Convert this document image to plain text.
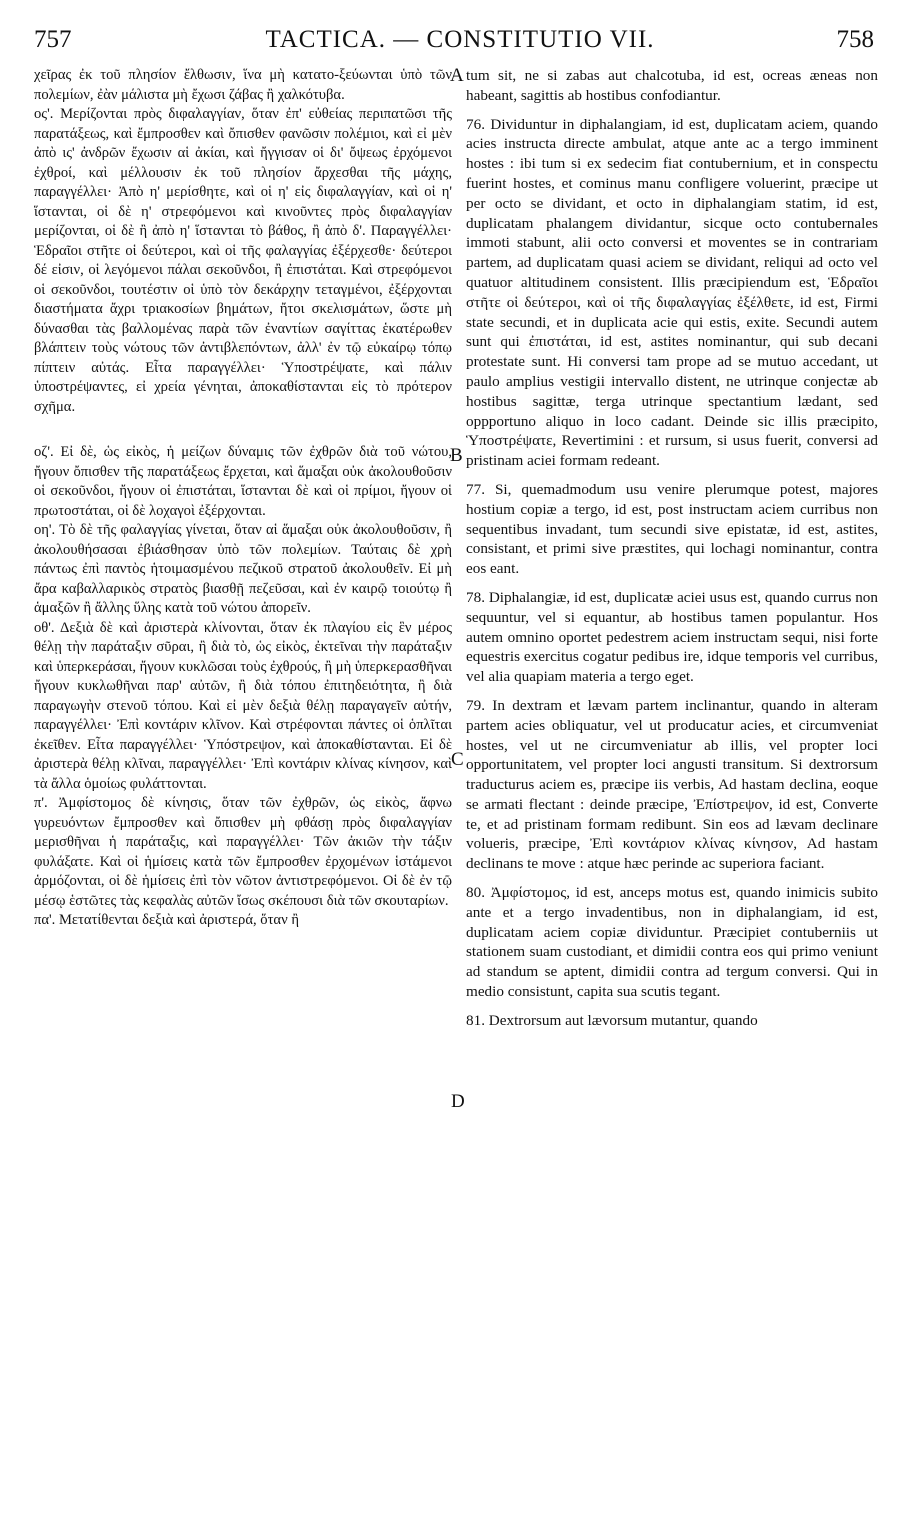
757	TACTICA. — CONSTITUTIO VII.	758

χεῖρας ἐκ τοῦ πλησίον ἔλθωσιν, ἵνα μὴ κατατο-ξεύωνται ὑπὸ τῶν πολεμίων, ἐὰν μάλιστα μὴ ἔχωσι ζάβας ἢ χαλκότυβα.

ος'. Μερίζονται πρὸς διφαλαγγίαν, ὅταν ἐπ' εὐθείας περιπατῶσι τῆς παρατάξεως, καὶ ἔμπροσθεν καὶ ὄπισθεν φανῶσιν πολέμιοι, καὶ εἰ μὲν ἀπὸ ις' ἀνδρῶν ἔχωσιν αἱ ἀκίαι, καὶ ἤγγισαν οἱ δι' ὄψεως ἐρχόμενοι ἐχθροί, καὶ μέλλουσιν ἐκ τοῦ πλησίον ἄρχεσθαι τῆς μάχης, παραγγέλλει· Ἀπὸ η' μερίσθητε, καὶ οἱ η' εἰς διφαλαγγίαν, καὶ οἱ η' ἵστανται, οἱ δὲ η' στρεφόμενοι καὶ κινοῦντες πρὸς διφαλαγγίαν μερίζονται, οἱ δὲ ἢ ἀπὸ η' ἵστανται τὸ βάθος, ἢ ἀπὸ δ'. Παραγγέλλει· Ἑδραῖοι στῆτε οἱ δεύτεροι, καὶ οἱ τῆς φαλαγγίας ἐξέρχεσθε· δεύτεροι δέ εἰσιν, οἱ λεγόμενοι πάλαι σεκοῦνδοι, ἢ ἐπιστάται. Καὶ στρεφόμενοι οἱ σεκοῦνδοι, τουτέστιν οἱ ὑπὸ τὸν δεκάρχην τεταγμένοι, ἐξέρχονται διαστήματα ἄχρι τριακοσίων βημάτων, ἤτοι σκελισμάτων, ὥστε μὴ δύνασθαι τὰς βαλλομένας παρὰ τῶν ἐναντίων σαγίττας ἑκατέρωθεν βλάπτειν τοὺς νώτους τῶν ἀντιβλεπόντων, ἀλλ' ἐν τῷ εὐκαίρῳ τόπῳ πίπτειν αὐτάς. Εἶτα παραγγέλλει· Ὑποστρέψατε, καὶ πάλιν ὑποστρέψαντες, εἰ χρεία γένηται, ἀποκαθίστανται εἰς τὸ πρότερον σχῆμα.

οζ'. Εἰ δὲ, ὡς εἰκὸς, ἡ μείζων δύναμις τῶν ἐχθρῶν διὰ τοῦ νώτου, ἤγουν ὄπισθεν τῆς παρατάξεως ἔρχεται, καὶ ἅμαξαι οὐκ ἀκολουθοῦσιν οἱ σεκοῦνδοι, ἤγουν οἱ ἐπιστάται, ἵστανται δὲ καὶ οἱ πρίμοι, ἤγουν οἱ πρωτοστάται, οἱ δὲ λοχαγοὶ ἐξέρχονται.

οη'. Τὸ δὲ τῆς φαλαγγίας γίνεται, ὅταν αἱ ἅμαξαι οὐκ ἀκολουθοῦσιν, ἢ ἀκολουθήσασαι ἐβιάσθησαν ὑπὸ τῶν πολεμίων. Ταύταις δὲ χρὴ πάντως ἐπὶ παντὸς ἡτοιμασμένου πεζικοῦ στρατοῦ ἀκολουθεῖν. Εἰ μὴ ἄρα καβαλλαρικὸς στρατὸς βιασθῇ πεζεῦσαι, καὶ ἐν καιρῷ τοιούτῳ ἢ ἁμαξῶν ἢ ἄλλης ὕλης κατὰ τοῦ νώτου ἀπορεῖν.

οθ'. Δεξιὰ δὲ καὶ ἀριστερὰ κλίνονται, ὅταν ἐκ πλαγίου εἰς ἓν μέρος θέλῃ τὴν παράταξιν σῦραι, ἢ διὰ τὸ, ὡς εἰκὸς, ἐκτεῖναι τὴν παράταξιν καὶ ὑπερκεράσαι, ἤγουν κυκλῶσαι τοὺς ἐχθρούς, ἢ μὴ ὑπερκερασθῆναι ἤγουν κυκλωθῆναι παρ' αὐτῶν, ἢ διὰ τόπου ἐπιτηδειότητα, ἢ διὰ παραγωγὴν στενοῦ τόπου. Καὶ εἰ μὲν δεξιὰ θέλῃ παραγαγεῖν αὐτήν, παραγγέλλει· Ἐπὶ κοντάριν κλῖνον. Καὶ στρέφονται πάντες οἱ ὁπλῖται ἐκεῖθεν. Εἶτα παραγγέλλει· Ὑπόστρεψον, καὶ ἀποκαθίστανται. Εἰ δὲ ἀριστερὰ θέλῃ κλῖναι, παραγγέλλει· Ἐπὶ κοντάριν κλίνας κίνησον, καὶ τὰ ἄλλα ὁμοίως φυλάττονται.

π'. Ἀμφίστομος δὲ κίνησις, ὅταν τῶν ἐχθρῶν, ὡς εἰκὸς, ἄφνω γυρευόντων ἔμπροσθεν καὶ ὄπισθεν μὴ φθάσῃ πρὸς διφαλαγγίαν μερισθῆναι ἡ παράταξις, καὶ παραγγέλλει· Τῶν ἀκιῶν τὴν τάξιν φυλάξατε. Καὶ οἱ ἡμίσεις κατὰ τῶν ἔμπροσθεν ἐρχομένων ἱστάμενοι ἁρμόζονται, οἱ δὲ ἡμίσεις ἐπὶ τὸν νῶτον ἀντιστρεφόμενοι. Οἱ δὲ ἐν τῷ μέσῳ ἑστῶτες τὰς κεφαλὰς αὐτῶν ἴσως σκέπουσι διὰ τῶν σκουταρίων.

πα'. Μετατίθενται δεξιὰ καὶ ἀριστερά, ὅταν ἢ

A
B
C
D

tum sit, ne si zabas aut chalcotuba, id est, ocreas æneas non habeant, sagittis ab hostibus confodiantur.

76. Dividuntur in diphalangiam, id est, duplicatam aciem, quando acies instructa directe ambulat, atque ante ac a tergo imminent hostes : ibi tum si ex sedecim fiat contubernium, et in conspectu fuerint hostes, et cominus manu confligere voluerint, præcipe ut per octo se dividant, et octo in diphalangiam statim, id est, duplicatam phalangem dividantur, sicque octo contubernales immoti stabunt, alii octo conversi et moventes se in contrariam partem, ad duplicatam quasi aciem se dividant, reliqui ad octo vel quatuor altitudinem consistent. Illis præcipiendum est, Ἑδραῖοι στῆτε οἱ δεύτεροι, καὶ οἱ τῆς διφαλαγγίας ἐξέλθετε, id est, Firmi state secundi, et in duplicata acie qui estis, exite. Secundi autem sunt qui ἐπιστάται, id est, astites nominantur, qui sub decani protestate sunt. Hi conversi tam prope ad se mutuo accedant, ut paulo amplius vestigii intervallo distent, ne utrinque conjectæ ab hostibus sagittæ, terga utrinque spectantium lædant, sed oppportuno aliquo in loco cadant. Deinde sic illis præcipito, Ὑποστρέψατε, Revertimini : et rursum, si usus fuerit, conversi ad pristinam aciei formam redeant.

77. Si, quemadmodum usu venire plerumque potest, majores hostium copiæ a tergo, id est, post instructam aciem curribus non sequentibus invadant, tum secundi sive epistatæ, id est, astites, consistant, et primi sive præstites, qui lochagi nominantur, contra eos eant.

78. Diphalangiæ, id est, duplicatæ aciei usus est, quando currus non sequuntur, vel si equantur, ab hostibus tamen populantur. Hos autem omnino oportet pedestrem aciem instructam sequi, nisi forte equestris exercitus cogatur pedibus ire, idque temporis vel curribus, vel alia quapiam materia a tergo eget.

79. In dextram et lævam partem inclinantur, quando in alteram partem acies obliquatur, vel ut producatur acies, et circumveniat hostes, vel ut ne circumveniatur ab illis, vel propter loci opportunitatem, vel propter loci angusti transitum. Si dextrorsum traducturus aciem es, præcipe iis verbis, Ad hastam declina, eoque se armati flectant : deinde præcipe, Ἐπίστρεψον, id est, Converte te, et ad pristinam formam redibunt. Sin eos ad lævam declinare volueris, præcipe, Ἐπὶ κοντάριον κλίνας κίνησον, Ad hastam declinans te move : atque hæc perinde ac superiora faciant.

80. Ἀμφίστομος, id est, anceps motus est, quando inimicis subito ante et a tergo invadentibus, non in diphalangiam, id est, duplicatam aciem copiæ dividuntur. Præcipiet contuberniis ut stationem suam custodiant, et dimidii contra eos qui primo veniunt ad standum se aptent, dimidii contra ad tergum conversi. Qui in medio consistunt, capita sua scutis tegant.

81. Dextrorsum aut lævorsum mutantur, quando
